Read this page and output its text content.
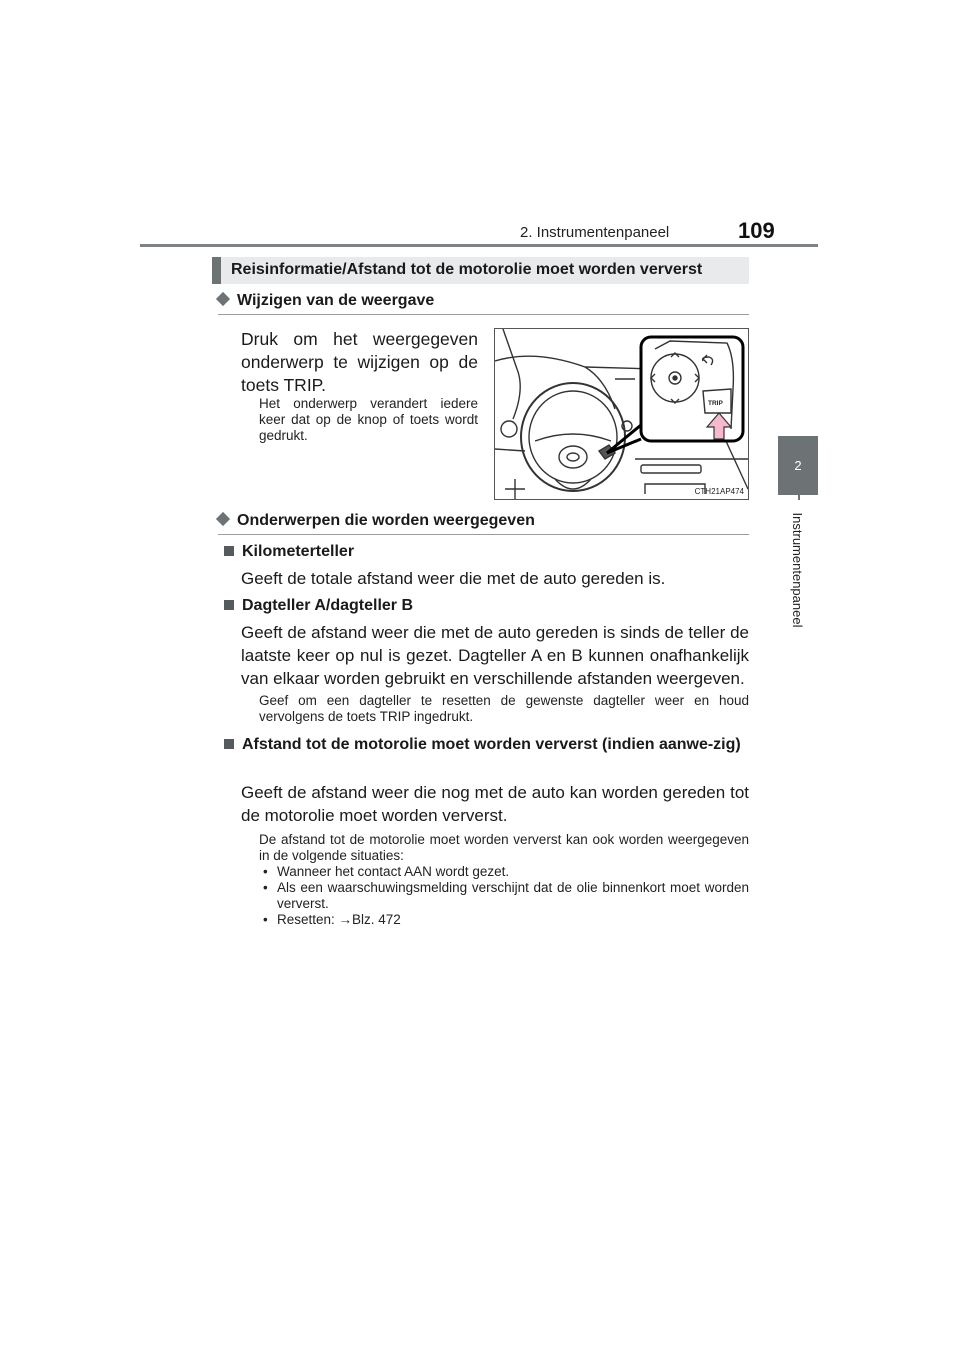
2. Instrumentenpaneel	109
2
Instrumentenpaneel
Reisinformatie/Afstand tot de motorolie moet worden ververst
Wijzigen van de weergave
Druk om het weergegeven onderwerp te wijzigen op de toets TRIP.
Het onderwerp verandert iedere keer dat op de knop of toets wordt gedrukt.
TRIP
CTH21AP474
Onderwerpen die worden weergegeven
Kilometerteller
Geeft de totale afstand weer die met de auto gereden is.
Dagteller A/dagteller B
Geeft de afstand weer die met de auto gereden is sinds de teller de laatste keer op nul is gezet. Dagteller A en B kunnen onafhankelijk van elkaar worden gebruikt en verschillende afstanden weergeven.
Geef om een dagteller te resetten de gewenste dagteller weer en houd vervolgens de toets TRIP ingedrukt.
Afstand tot de motorolie moet worden ververst (indien aanwe-zig)
Geeft de afstand weer die nog met de auto kan worden gereden tot de motorolie moet worden ververst.
De afstand tot de motorolie moet worden ververst kan ook worden weergegeven in de volgende situaties:
• Wanneer het contact AAN wordt gezet.
• Als een waarschuwingsmelding verschijnt dat de olie binnenkort moet worden ververst.
• Resetten: →Blz. 472
